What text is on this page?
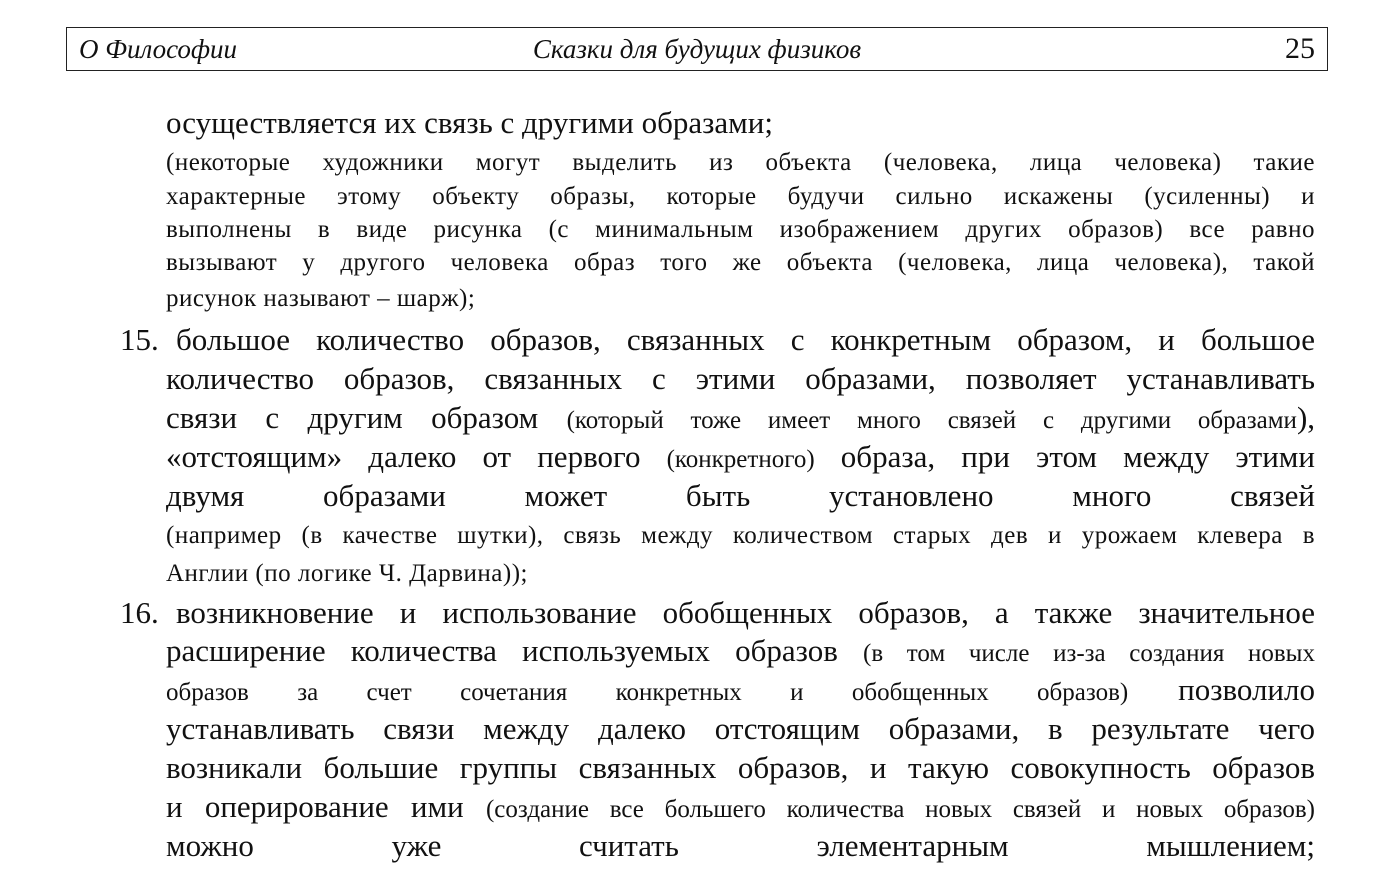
Сказки для будущих физиков
О Философии	25
осуществляется их связь с другими образами;
(некоторые художники могут выделить из объекта (человека, лица человека) такие
характерные этому объекту образы, которые будучи сильно искажены (усиленны) и
выполнены в виде рисунка (с минимальным изображением других образов) все равно
вызывают у другого человека образ того же объекта (человека, лица человека), такой
рисунок называют – шарж);
15. большое количество образов, связанных с конкретным образом, и большое
количество образов, связанных с этими образами, позволяет устанавливать
связи с другим образом (который тоже имеет много связей с другими образами),
«отстоящим» далеко от первого (конкретного) образа, при этом между этими
двумя образами может быть установлено много связей
(например (в качестве шутки), связь между количеством старых дев и урожаем клевера в
Англии (по логике Ч. Дарвина));
16. возникновение и использование обобщенных образов, а также значительное
расширение количества используемых образов (в том числе из-за создания новых
образов за счет сочетания конкретных и обобщенных образов) позволило
устанавливать связи между далеко отстоящим образами, в результате чего
возникали большие группы связанных образов, и такую совокупность образов
и оперирование ими (создание все большего количества новых связей и новых образов)
можно уже считать элементарным мышлением;
